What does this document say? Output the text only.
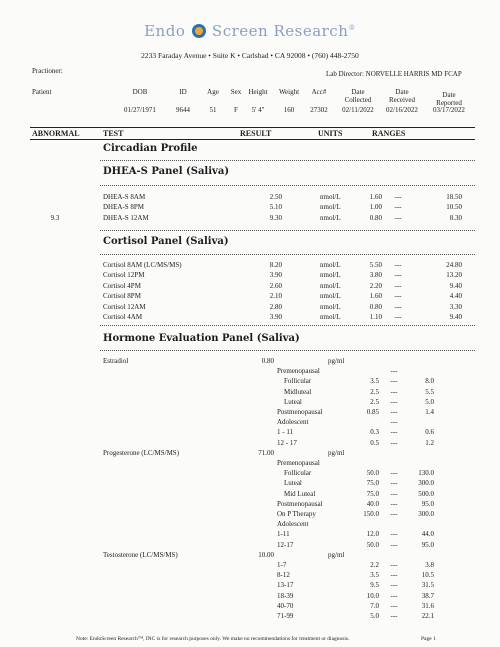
Endo Screen Research®
2233 Faraday Avenue • Suite K • Carlsbad • CA 92008 • (760) 448-2750
Practioner:	Lab Director: NORVELLE HARRIS MD FCAP
Patient	DOB	ID	Age	Sex	Height	Weight	Acc#	Date
Collected
Date
Received
Date
Reported
01/27/1971	9644	51	F	5' 4"	160	27302	02/11/2022	02/16/2022	03/17/2022
ABNORMAL	TEST	RESULT	UNITS	RANGES
Circadian Profile
DHEA-S Panel (Saliva)
DHEA-S 8AM	2.50	nmol/L	1.60	---	18.50
DHEA-S 8PM	5.10	nmol/L	1.00	---	10.50
9.3	DHEA-S 12AM	9.30	nmol/L	0.80	---	8.30
Cortisol Panel (Saliva)
Cortisol 8AM (LC/MS/MS)	8.20	nmol/L	5.50	---	24.80
Cortisol 12PM	3.90	nmol/L	3.80	---	13.20
Cortisol 4PM	2.60	nmol/L	2.20	---	9.40
Cortisol 8PM	2.10	nmol/L	1.60	---	4.40
Cortisol 12AM	2.80	nmol/L	0.80	---	3.30
Cortisol 4AM	3.90	nmol/L	1.10	---	9.40
Hormone Evaluation Panel (Saliva)
Estradiol	0.80	pg/ml
Premenopausal	---
Follicular	3.5	---	8.0
Midluteal	2.5	---	5.5
Luteal	2.5	---	5.0
Postmenopausal	0.85	---	1.4
Adolescent	---
1 - 11	0.3	---	0.6
12 - 17	0.5	---	1.2
Progesterone (LC/MS/MS)	71.00	pg/ml
Premenopausal
Follicular	50.0	---	130.0
Luteal	75.0	---	300.0
Mid Luteal	75.0	---	500.0
Postmenopausal	40.0	---	95.0
On P Therapy	150.0	---	300.0
Adolescent
1-11	12.0	---	44.0
12-17	50.0	---	95.0
Testosterone (LC/MS/MS)	10.00	pg/ml
1-7	2.2	---	3.8
8-12	3.5	---	10.5
13-17	9.5	---	31.5
18-39	10.0	---	38.7
40-70	7.0	---	31.6
71-99	5.0	---	22.1
Note: EndoScreen Research™, INC is for research purposes only. We make no recommendations for treatment or diagnosis.	Page 1
